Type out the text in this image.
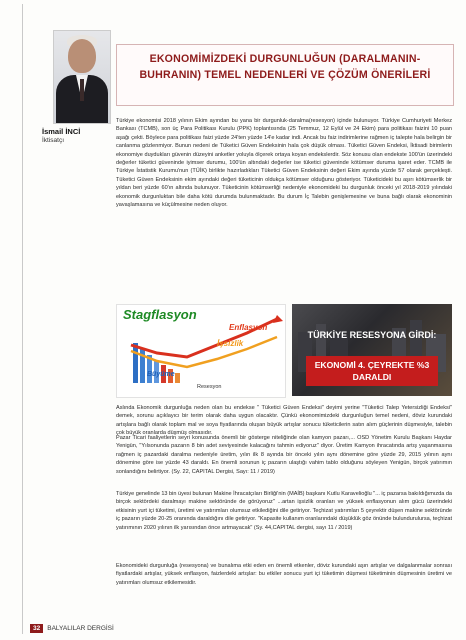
İsmail İNCİ
İktisatçı
EKONOMİMİZDEKİ DURGUNLUĞUN (DARALMANIN-BUHRANIN) TEMEL NEDENLERİ VE ÇÖZÜM ÖNERİLERİ
Türkiye ekonomisi 2018 yılının Ekim ayından bu yana bir durgunluk-daralma(resesyon) içinde bulunuyor. Türkiye Cumhuriyeti Merkez Bankası (TCMB), son üç Para Politikası Kurulu (PPK) toplantısında (25 Temmuz, 12 Eylül ve 24 Ekim) para politikası faizini 10 puan aşağı çekti. Böylece para politikası faizi yüzde 24'ten yüzde 14'e kadar indi. Ancak bu faiz indirimlerine rağmen iç talepte hala belirgin bir canlanma gözlenmiyor. Bunun nedeni de Tüketici Güven Endeksinin hala çok düşük olması. Tüketici Güven Endeksi, İktisadi birimlerin ekonomiye duydukları güvenin düzeyini anketler yoluyla ölçerek ortaya koyan endekslerdir. Söz konusu olan endekste 100'ün üzerindeki değerler tüketici güveninde iyimser durumu, 100'ün altındaki değerler ise tüketici güveninde kötümser duruma işaret eder. TCMB ile Türkiye İstatistik Kurumu'nun (TÜİK) birlikte hazırladıkları Tüketici Güven Endeksinin değeri Ekim ayında yüzde 57 olarak gerçekleşti. Tüketici Güven Endeksinin ekim ayındaki değeri tüketicinin oldukça kötümser olduğunu gösteriyor. Tüketicideki bu aşırı kötümserlik bir yıldan beri yüzde 60'ın altında bulunuyor. Tüketicinin kötümserliği nedeniyle ekonomideki bu durgunluk önceki yıl 2018-2019 yılındaki ekonomik durgunluktan bile daha kötü durumda bulunmaktadır. Bu durum İç Talebin genişlemesine ve buna bağlı olarak ekonominin yavaşlamasına ve küçülmesine neden oluyor.
Stagflasyon
Enflasyon
İşsizlik
Büyüme
Resesyon
TÜRKİYE RESESYONA GİRDİ:
EKONOMİ 4. ÇEYREKTE %3 DARALDI
Aslında Ekonomik durgunluğa neden olan bu endekse " Tüketici Güven Endeksi" deyimi yerine "Tüketici Talep Yetersizliği Endeksi" demek, sorunu açıklayıcı bir terim olarak daha uygun olacaktır. Çünkü ekonomimizdeki durgunluğun temel nedeni, döviz kurundaki artışlara bağlı olarak toplam mal ve soya fiyatlarında oluşan büyük artışlar sonucu tüketicilerin satın alım güçlerinin düşmesiyle, talebin çok büyük oranlarda düşmüş olmasıdır.
Pazar Ticari faaliyetlerin seyri konusunda önemli bir gösterge niteliğinde olan kamyon pazarı,... OSD Yönetim Kurulu Başkanı Haydar Yenigün, "Yılsonunda pazarın 8 bin adet seviyesinde kalacağını tahmin ediyoruz" diyor. Üretim Kamyon ihracatında artış yaşanmasına rağmen iç pazardaki daralma nedeniyle üretim, yılın ilk 8 ayında bir önceki yılın aynı dönemine göre yüzde 29, 2015 yılının aynı dönemine göre ise yüzde 43 daraldı. En önemli sorunun iç pazarın ulaştığı vahim tablo olduğunu söyleyen Yenigün, birçok yatırımın sonlandığını belirtiyor. (Sy. 22, CAPITAL Dergisi, Sayı: 11 / 2019)
Türkiye genelinde 13 bin üyesi bulunan Makine İhracatçıları Birliği'nin (MAİB) başkanı Kutlu Karavelioğlu "... iç pazarsa bakıldığımızda da birçok sektördeki daralmayı makine sektöründe de görüyoruz" ...artan işsizlik oranları ve yüksek enflasyonun alım gücü üzerindeki etkisinin yurt içi tüketimi, üretimi ve yatırımları olumsuz etkilediğini dile getiriyor. Teçhizat yatırımları 5 çeyrektir düşen makine sektöründe iç pazarın yüzde 20-25 oranında daraldığını dile getiriyor. "Kapasite kullanım oranlarındaki düşüklük göz önünde bulundurulursa, teçhizat yatırımının 2020 yılının ilk yarısından önce artmayacak" (Sy. 44,CAPITAL dergisi, sayı 11 / 2019)
Ekonomideki durgunluğa (resesyona) ve bunalıma etki eden en önemli etkenler, döviz kurundaki aşırı artışlar ve dalgalanmalar sonrası fiyatlardaki artışlar, yüksek enflasyon, faizlerdeki artışlar: bu etkiler sonucu yurt içi tüketimin düşmesi tüketiminin düşmesinin üretimi ve yatırımları olumsuz etkilemesidir.
32 BALYALILAR DERGİSİ
